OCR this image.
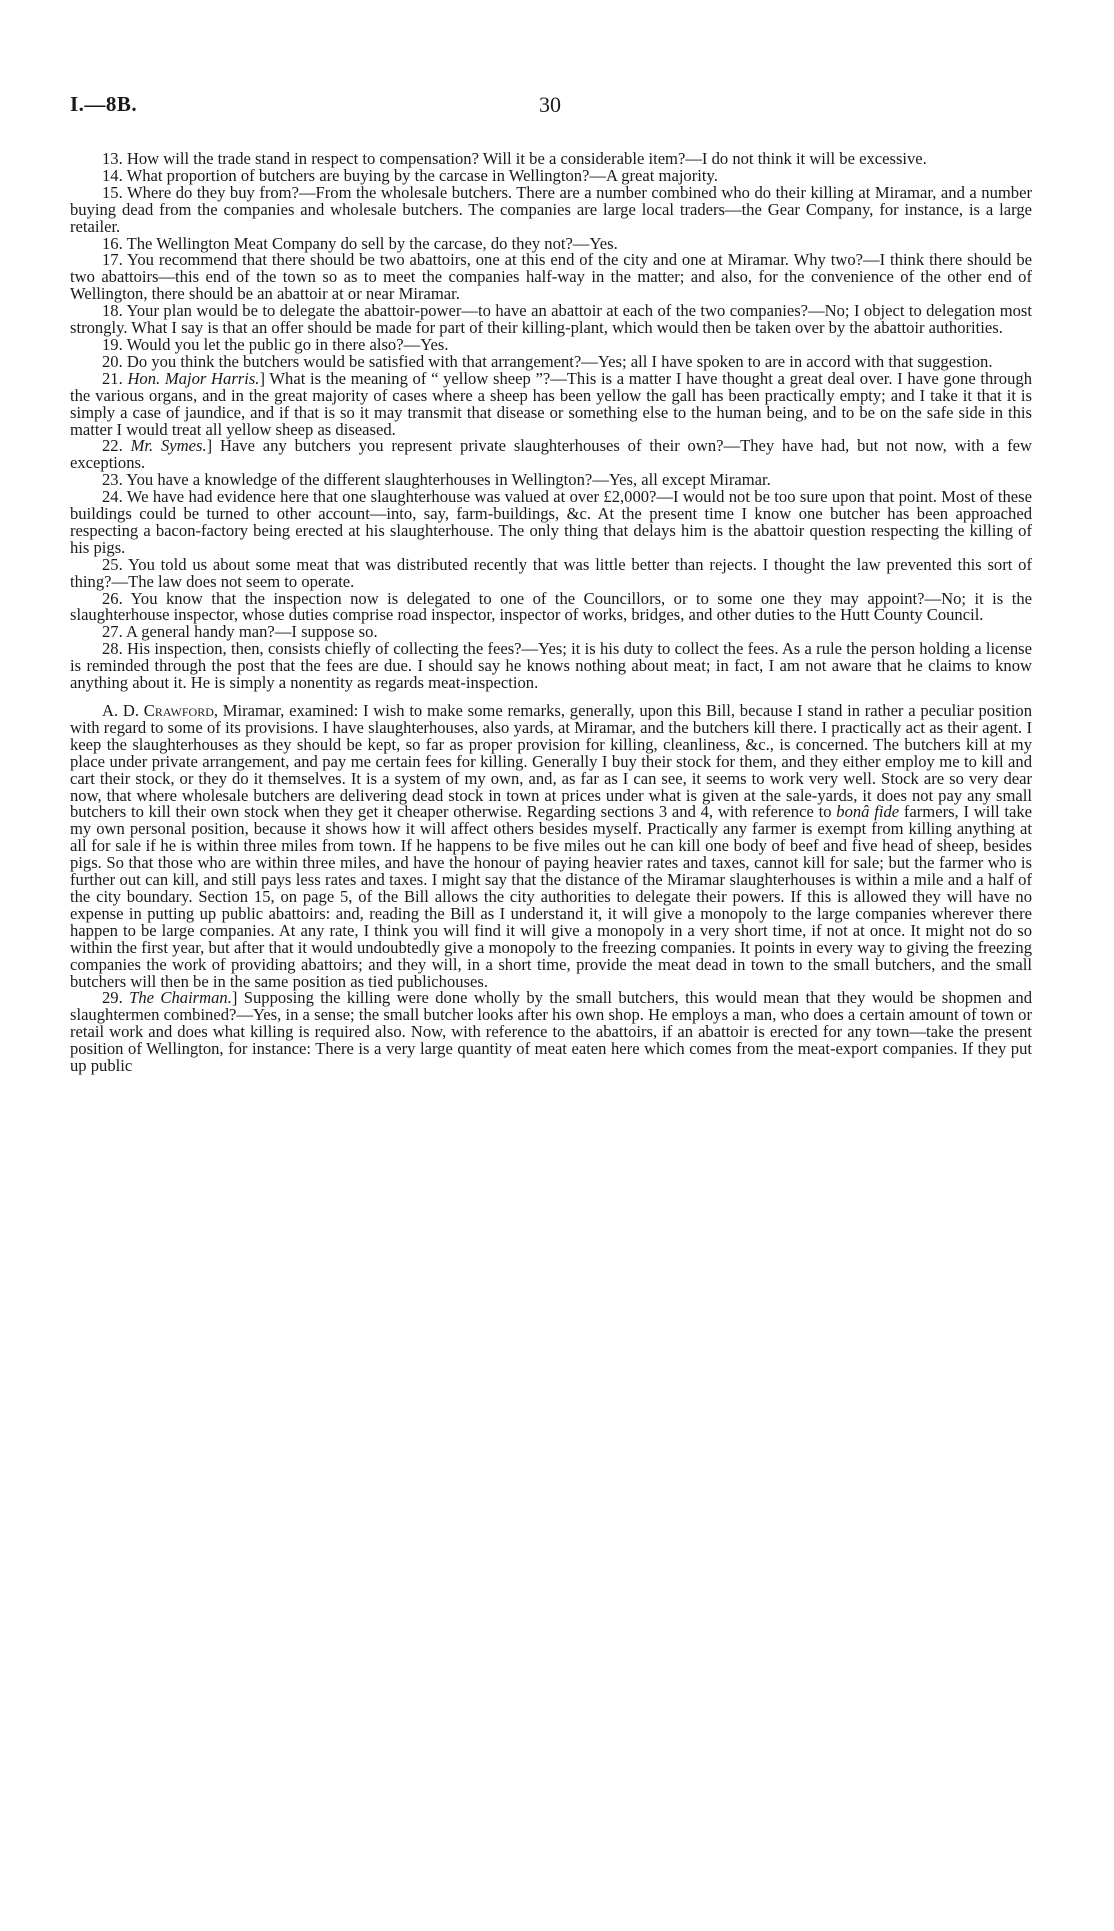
I.—8B.	30

13. How will the trade stand in respect to compensation? Will it be a considerable item?—I do not think it will be excessive.

14. What proportion of butchers are buying by the carcase in Wellington?—A great majority.

15. Where do they buy from?—From the wholesale butchers. There are a number combined who do their killing at Miramar, and a number buying dead from the companies and wholesale butchers. The companies are large local traders—the Gear Company, for instance, is a large retailer.

16. The Wellington Meat Company do sell by the carcase, do they not?—Yes.

17. You recommend that there should be two abattoirs, one at this end of the city and one at Miramar. Why two?—I think there should be two abattoirs—this end of the town so as to meet the companies half-way in the matter; and also, for the convenience of the other end of Wellington, there should be an abattoir at or near Miramar.

18. Your plan would be to delegate the abattoir-power—to have an abattoir at each of the two companies?—No; I object to delegation most strongly. What I say is that an offer should be made for part of their killing-plant, which would then be taken over by the abattoir authorities.

19. Would you let the public go in there also?—Yes.

20. Do you think the butchers would be satisfied with that arrangement?—Yes; all I have spoken to are in accord with that suggestion.

21. Hon. Major Harris.] What is the meaning of “ yellow sheep ”?—This is a matter I have thought a great deal over. I have gone through the various organs, and in the great majority of cases where a sheep has been yellow the gall has been practically empty; and I take it that it is simply a case of jaundice, and if that is so it may transmit that disease or something else to the human being, and to be on the safe side in this matter I would treat all yellow sheep as diseased.

22. Mr. Symes.] Have any butchers you represent private slaughterhouses of their own?—They have had, but not now, with a few exceptions.

23. You have a knowledge of the different slaughterhouses in Wellington?—Yes, all except Miramar.

24. We have had evidence here that one slaughterhouse was valued at over £2,000?—I would not be too sure upon that point. Most of these buildings could be turned to other account—into, say, farm-buildings, &c. At the present time I know one butcher has been approached respecting a bacon-factory being erected at his slaughterhouse. The only thing that delays him is the abattoir question respecting the killing of his pigs.

25. You told us about some meat that was distributed recently that was little better than rejects. I thought the law prevented this sort of thing?—The law does not seem to operate.

26. You know that the inspection now is delegated to one of the Councillors, or to some one they may appoint?—No; it is the slaughterhouse inspector, whose duties comprise road inspector, inspector of works, bridges, and other duties to the Hutt County Council.

27. A general handy man?—I suppose so.

28. His inspection, then, consists chiefly of collecting the fees?—Yes; it is his duty to collect the fees. As a rule the person holding a license is reminded through the post that the fees are due. I should say he knows nothing about meat; in fact, I am not aware that he claims to know anything about it. He is simply a nonentity as regards meat-inspection.

A. D. Crawford, Miramar, examined: I wish to make some remarks, generally, upon this Bill, because I stand in rather a peculiar position with regard to some of its provisions. I have slaughterhouses, also yards, at Miramar, and the butchers kill there. I practically act as their agent. I keep the slaughterhouses as they should be kept, so far as proper provision for killing, cleanliness, &c., is concerned. The butchers kill at my place under private arrangement, and pay me certain fees for killing. Generally I buy their stock for them, and they either employ me to kill and cart their stock, or they do it themselves. It is a system of my own, and, as far as I can see, it seems to work very well. Stock are so very dear now, that where wholesale butchers are delivering dead stock in town at prices under what is given at the sale-yards, it does not pay any small butchers to kill their own stock when they get it cheaper otherwise. Regarding sections 3 and 4, with reference to bonâ fide farmers, I will take my own personal position, because it shows how it will affect others besides myself. Practically any farmer is exempt from killing anything at all for sale if he is within three miles from town. If he happens to be five miles out he can kill one body of beef and five head of sheep, besides pigs. So that those who are within three miles, and have the honour of paying heavier rates and taxes, cannot kill for sale; but the farmer who is further out can kill, and still pays less rates and taxes. I might say that the distance of the Miramar slaughterhouses is within a mile and a half of the city boundary. Section 15, on page 5, of the Bill allows the city authorities to delegate their powers. If this is allowed they will have no expense in putting up public abattoirs: and, reading the Bill as I understand it, it will give a monopoly to the large companies wherever there happen to be large companies. At any rate, I think you will find it will give a monopoly in a very short time, if not at once. It might not do so within the first year, but after that it would undoubtedly give a monopoly to the freezing companies. It points in every way to giving the freezing companies the work of providing abattoirs; and they will, in a short time, provide the meat dead in town to the small butchers, and the small butchers will then be in the same position as tied publichouses.

29. The Chairman.] Supposing the killing were done wholly by the small butchers, this would mean that they would be shopmen and slaughtermen combined?—Yes, in a sense; the small butcher looks after his own shop. He employs a man, who does a certain amount of town or retail work and does what killing is required also. Now, with reference to the abattoirs, if an abattoir is erected for any town—take the present position of Wellington, for instance: There is a very large quantity of meat eaten here which comes from the meat-export companies. If they put up public
